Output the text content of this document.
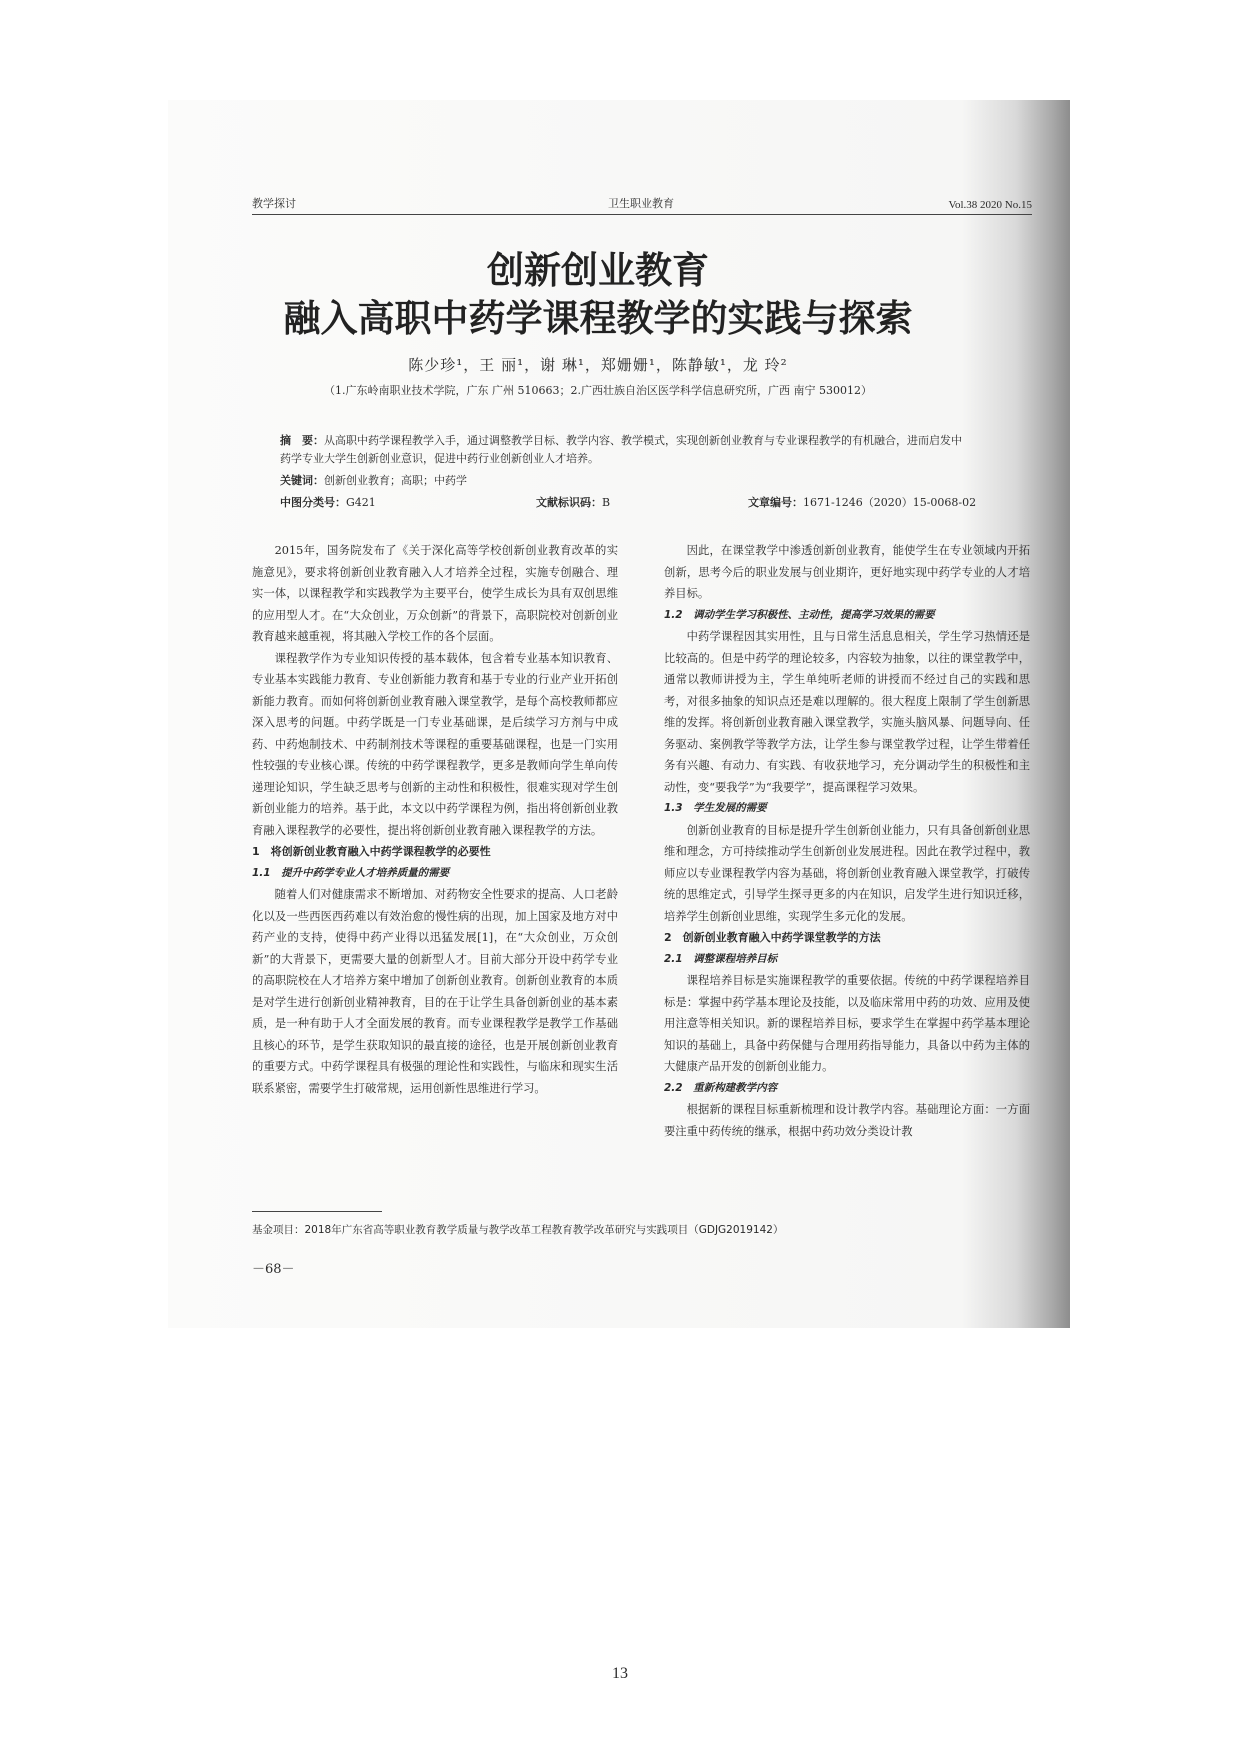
教学探讨	卫生职业教育	Vol.38 2020 No.15
创新创业教育
融入高职中药学课程教学的实践与探索
陈少珍¹，王 丽¹，谢 琳¹，郑姗姗¹，陈静敏¹，龙 玲²
（1.广东岭南职业技术学院，广东 广州 510663；2.广西壮族自治区医学科学信息研究所，广西 南宁 530012）
摘　要：从高职中药学课程教学入手，通过调整教学目标、教学内容、教学模式，实现创新创业教育与专业课程教学的有机融合，进而启发中药学专业大学生创新创业意识，促进中药行业创新创业人才培养。
关键词：创新创业教育；高职；中药学
中图分类号：G421	文献标识码：B	文章编号：1671-1246（2020）15-0068-02

2015年，国务院发布了《关于深化高等学校创新创业教育改革的实施意见》，要求将创新创业教育融入人才培养全过程，实施专创融合、理实一体，以课程教学和实践教学为主要平台，使学生成长为具有双创思维的应用型人才。在“大众创业，万众创新”的背景下，高职院校对创新创业教育越来越重视，将其融入学校工作的各个层面。

课程教学作为专业知识传授的基本载体，包含着专业基本知识教育、专业基本实践能力教育、专业创新能力教育和基于专业的行业产业开拓创新能力教育。而如何将创新创业教育融入课堂教学，是每个高校教师都应深入思考的问题。中药学既是一门专业基础课，是后续学习方剂与中成药、中药炮制技术、中药制剂技术等课程的重要基础课程，也是一门实用性较强的专业核心课。传统的中药学课程教学，更多是教师向学生单向传递理论知识，学生缺乏思考与创新的主动性和积极性，很难实现对学生创新创业能力的培养。基于此，本文以中药学课程为例，指出将创新创业教育融入课程教学的必要性，提出将创新创业教育融入课程教学的方法。

1　将创新创业教育融入中药学课程教学的必要性
1.1　提升中药学专业人才培养质量的需要

随着人们对健康需求不断增加、对药物安全性要求的提高、人口老龄化以及一些西医西药难以有效治愈的慢性病的出现，加上国家及地方对中药产业的支持，使得中药产业得以迅猛发展[1]，在“大众创业，万众创新”的大背景下，更需要大量的创新型人才。目前大部分开设中药学专业的高职院校在人才培养方案中增加了创新创业教育。创新创业教育的本质是对学生进行创新创业精神教育，目的在于让学生具备创新创业的基本素质，是一种有助于人才全面发展的教育。而专业课程教学是教学工作基础且核心的环节，是学生获取知识的最直接的途径，也是开展创新创业教育的重要方式。中药学课程具有极强的理论性和实践性，与临床和现实生活联系紧密，需要学生打破常规，运用创新性思维进行学习。

因此，在课堂教学中渗透创新创业教育，能使学生在专业领域内开拓创新，思考今后的职业发展与创业期许，更好地实现中药学专业的人才培养目标。

1.2　调动学生学习积极性、主动性，提高学习效果的需要

中药学课程因其实用性，且与日常生活息息相关，学生学习热情还是比较高的。但是中药学的理论较多，内容较为抽象，以往的课堂教学中，通常以教师讲授为主，学生单纯听老师的讲授而不经过自己的实践和思考，对很多抽象的知识点还是难以理解的。很大程度上限制了学生创新思维的发挥。将创新创业教育融入课堂教学，实施头脑风暴、问题导向、任务驱动、案例教学等教学方法，让学生参与课堂教学过程，让学生带着任务有兴趣、有动力、有实践、有收获地学习，充分调动学生的积极性和主动性，变“要我学”为“我要学”，提高课程学习效果。

1.3　学生发展的需要

创新创业教育的目标是提升学生创新创业能力，只有具备创新创业思维和理念，方可持续推动学生创新创业发展进程。因此在教学过程中，教师应以专业课程教学内容为基础，将创新创业教育融入课堂教学，打破传统的思维定式，引导学生探寻更多的内在知识，启发学生进行知识迁移，培养学生创新创业思维，实现学生多元化的发展。

2　创新创业教育融入中药学课堂教学的方法
2.1　调整课程培养目标

课程培养目标是实施课程教学的重要依据。传统的中药学课程培养目标是：掌握中药学基本理论及技能，以及临床常用中药的功效、应用及使用注意等相关知识。新的课程培养目标，要求学生在掌握中药学基本理论知识的基础上，具备中药保健与合理用药指导能力，具备以中药为主体的大健康产品开发的创新创业能力。

2.2　重新构建教学内容

根据新的课程目标重新梳理和设计教学内容。基础理论方面：一方面要注重中药传统的继承，根据中药功效分类设计教

基金项目：2018年广东省高等职业教育教学质量与教学改革工程教育教学改革研究与实践项目（GDJG2019142）
－68－
13
